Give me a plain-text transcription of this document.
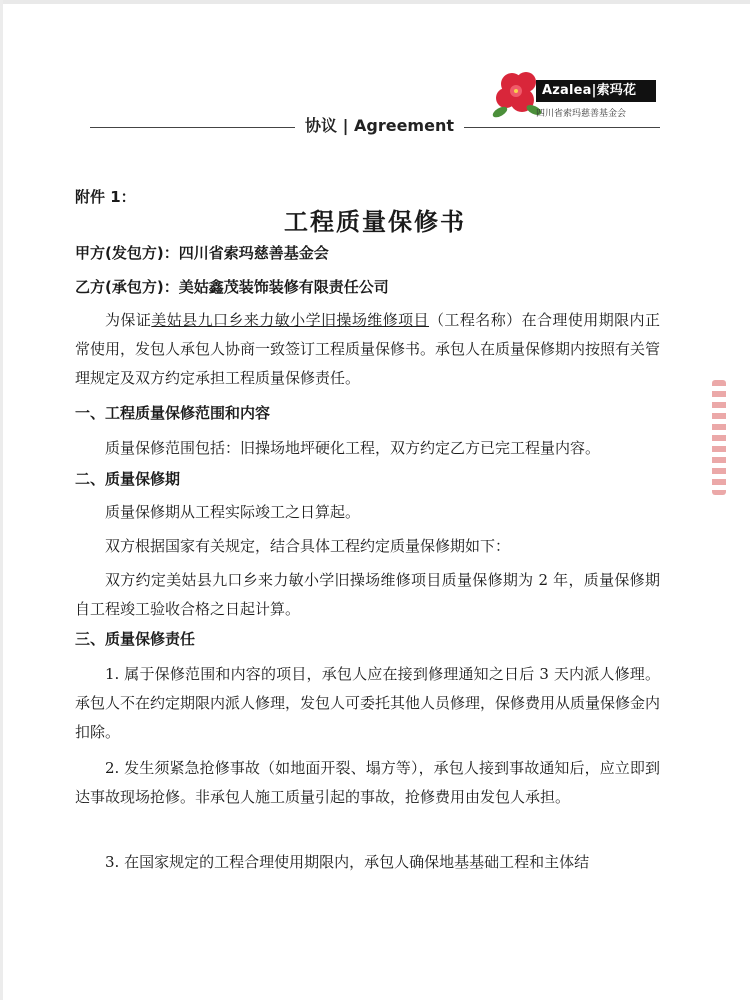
Azalea|索玛花
四川省索玛慈善基金会
协议 | Agreement
附件 1：
工程质量保修书
甲方(发包方)：四川省索玛慈善基金会
乙方(承包方)：美姑鑫茂装饰装修有限责任公司
为保证美姑县九口乡来力敏小学旧操场维修项目（工程名称）在合理使用期限内正常使用，发包人承包人协商一致签订工程质量保修书。承包人在质量保修期内按照有关管理规定及双方约定承担工程质量保修责任。
一、工程质量保修范围和内容
质量保修范围包括：旧操场地坪硬化工程，双方约定乙方已完工程量内容。
二、质量保修期
质量保修期从工程实际竣工之日算起。
双方根据国家有关规定，结合具体工程约定质量保修期如下：
双方约定美姑县九口乡来力敏小学旧操场维修项目质量保修期为 2 年，质量保修期自工程竣工验收合格之日起计算。
三、质量保修责任
1. 属于保修范围和内容的项目，承包人应在接到修理通知之日后 3 天内派人修理。承包人不在约定期限内派人修理，发包人可委托其他人员修理，保修费用从质量保修金内扣除。
2. 发生须紧急抢修事故（如地面开裂、塌方等），承包人接到事故通知后，应立即到达事故现场抢修。非承包人施工质量引起的事故，抢修费用由发包人承担。
3. 在国家规定的工程合理使用期限内，承包人确保地基基础工程和主体结
